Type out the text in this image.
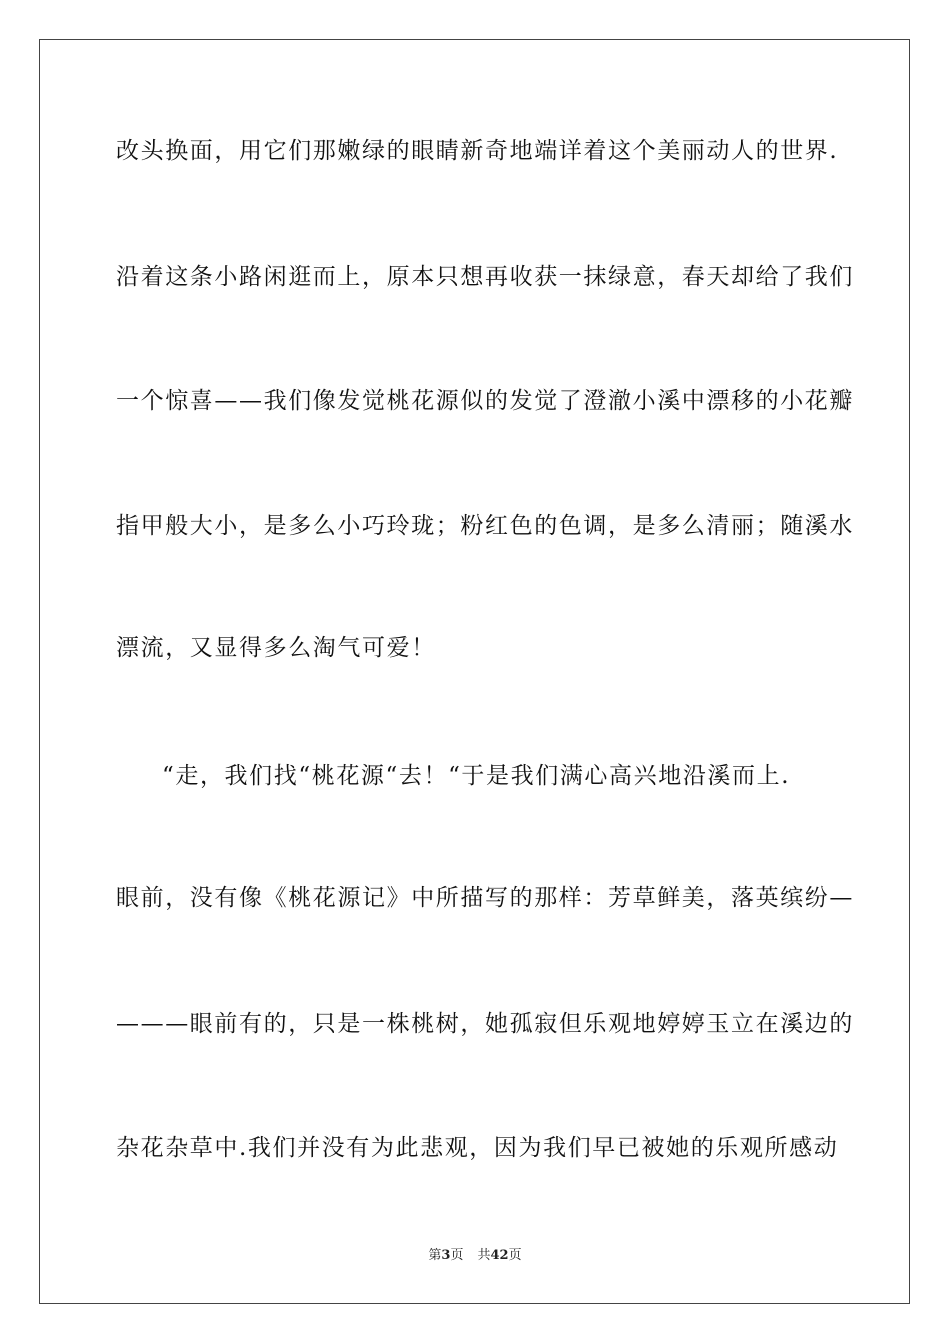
改头换面，用它们那嫩绿的眼睛新奇地端详着这个美丽动人的世界.
沿着这条小路闲逛而上，原本只想再收获一抹绿意，春天却给了我们
一个惊喜——我们像发觉桃花源似的发觉了澄澈小溪中漂移的小花瓣
指甲般大小，是多么小巧玲珑；粉红色的色调，是多么清丽；随溪水
漂流，又显得多么淘气可爱！
“走，我们找“桃花源“去！“于是我们满心高兴地沿溪而上.
眼前，没有像《桃花源记》中所描写的那样：芳草鲜美，落英缤纷—
———眼前有的，只是一株桃树，她孤寂但乐观地婷婷玉立在溪边的
杂花杂草中.我们并没有为此悲观，因为我们早已被她的乐观所感动
第3页 共42页
